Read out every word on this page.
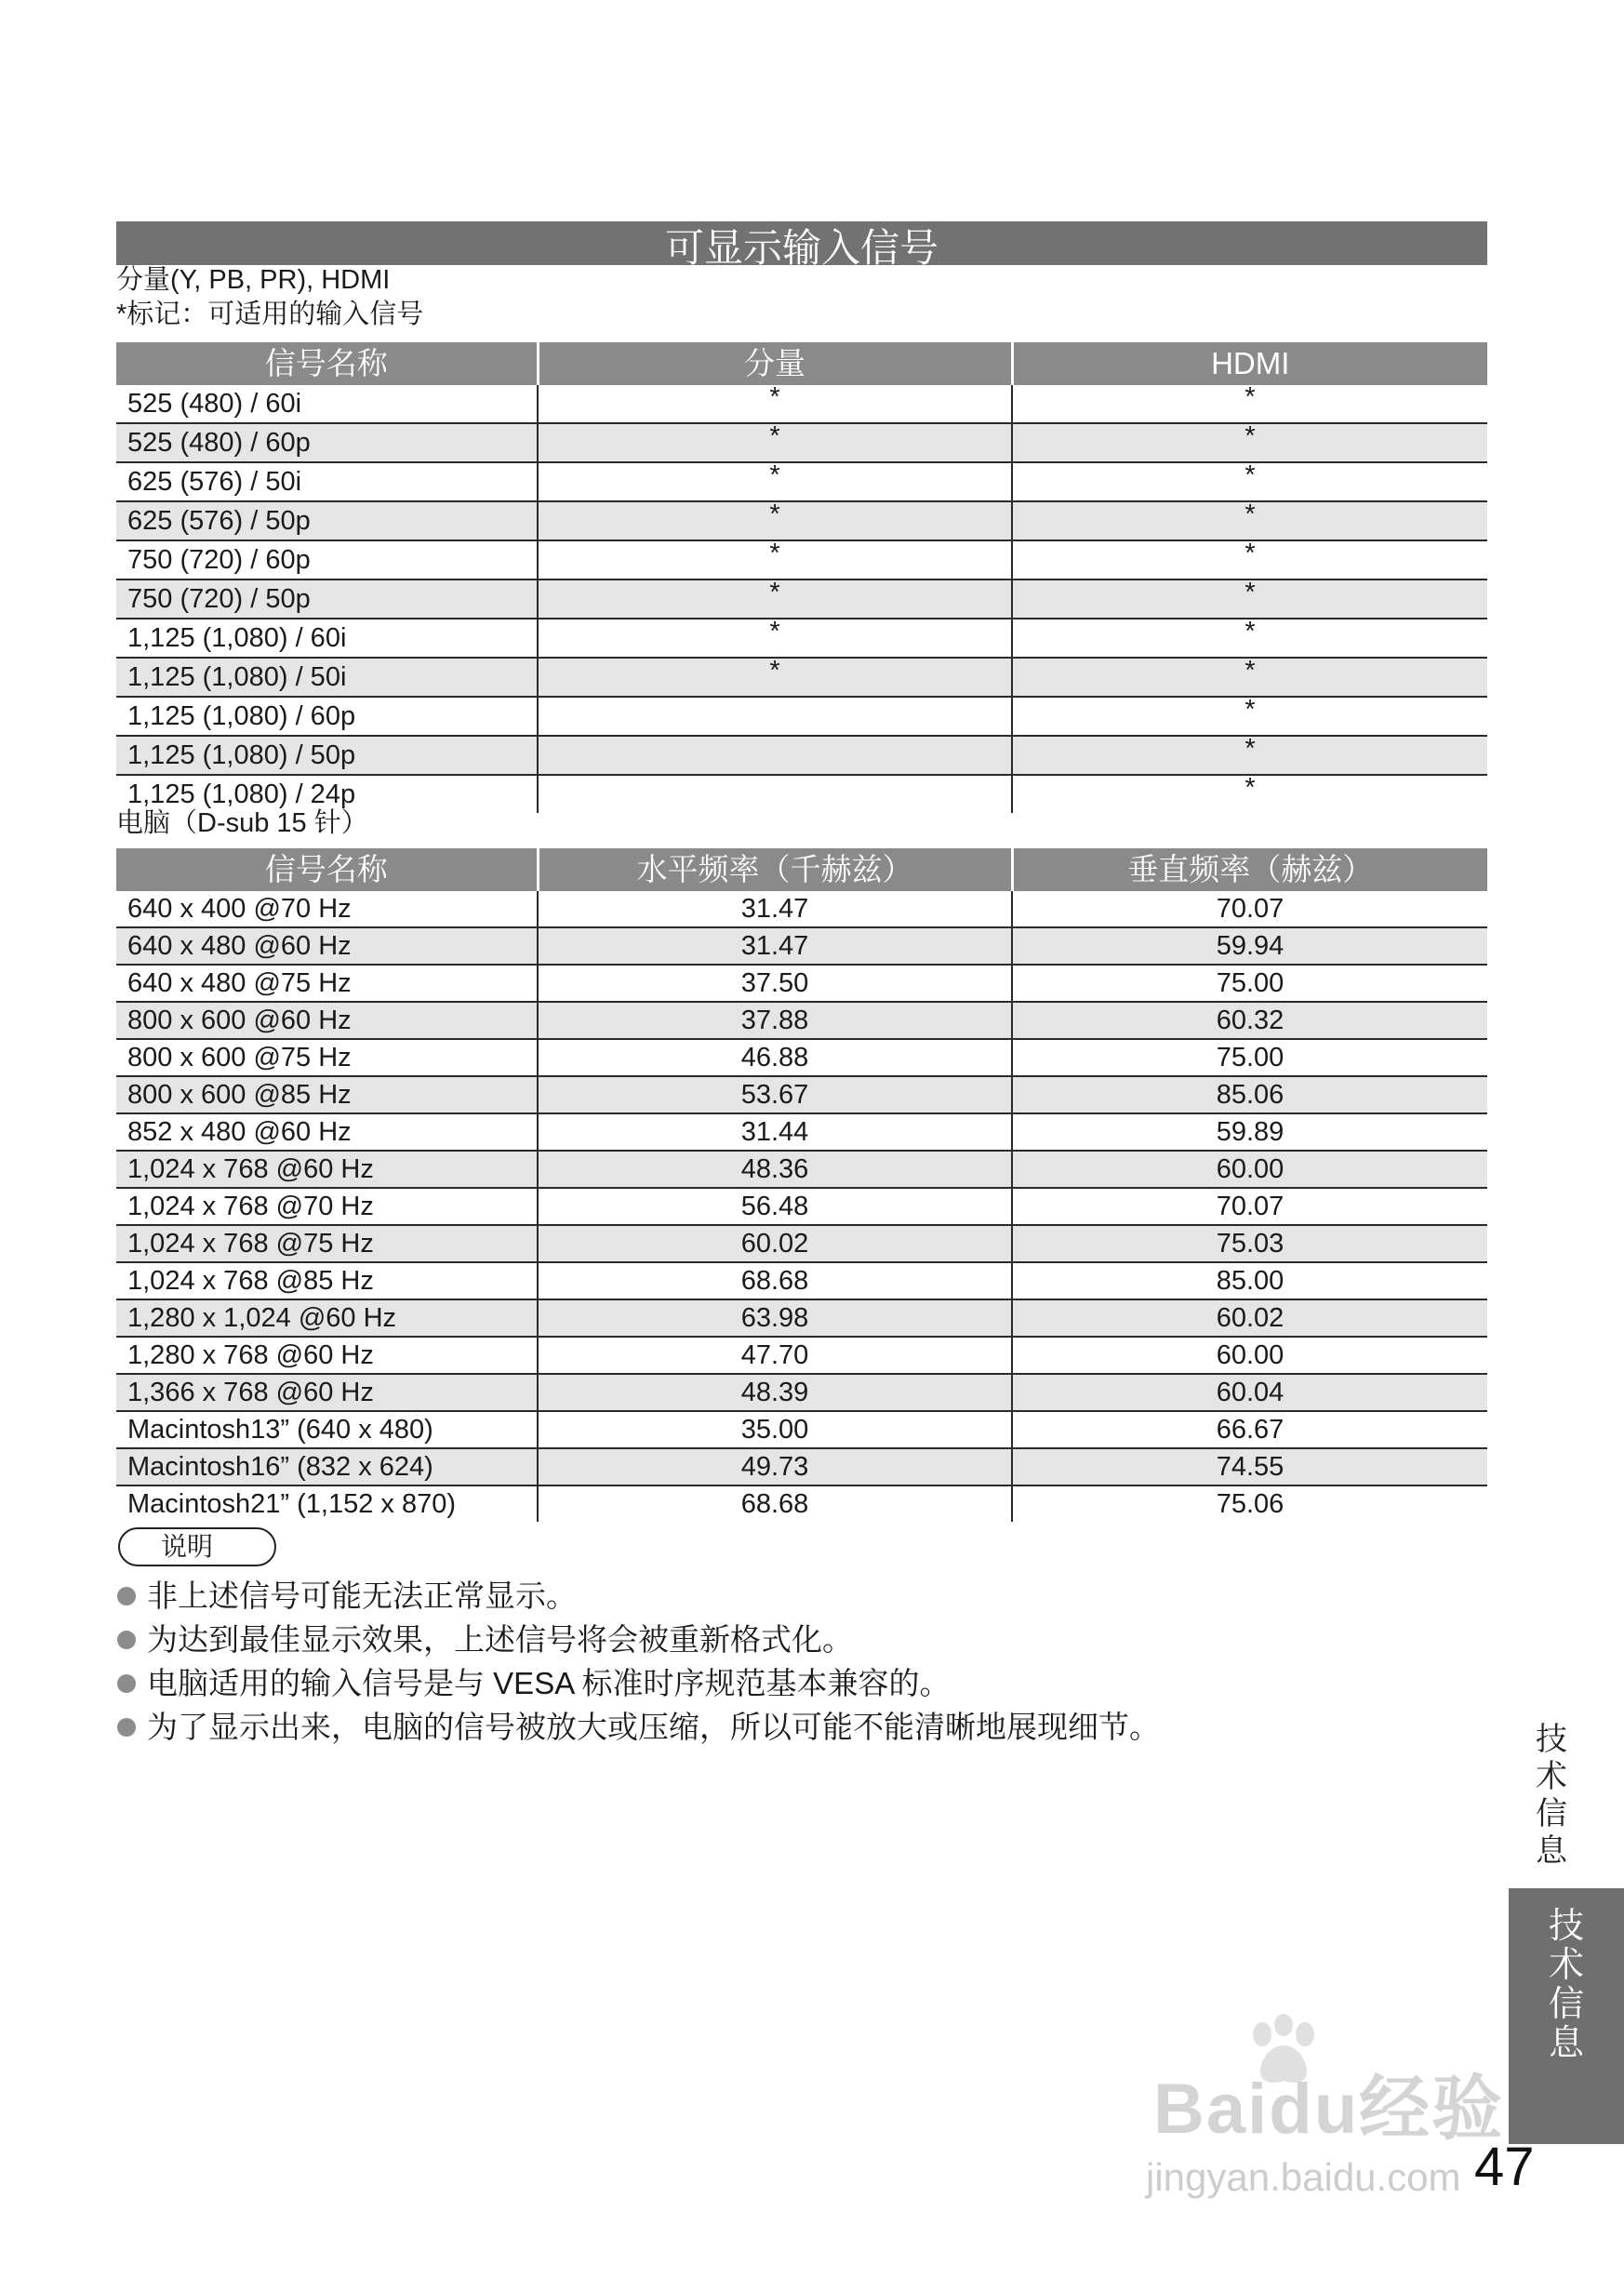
可显示输入信号
分量(Y, PB, PR), HDMI
*标记：可适用的输入信号
信号名称	分量	HDMI
525 (480) / 60i	*	*
525 (480) / 60p	*	*
625 (576) / 50i	*	*
625 (576) / 50p	*	*
750 (720) / 60p	*	*
750 (720) / 50p	*	*
1,125 (1,080) / 60i	*	*
1,125 (1,080) / 50i	*	*
1,125 (1,080) / 60p		*
1,125 (1,080) / 50p		*
1,125 (1,080) / 24p		*
电脑（D-sub 15 针）
信号名称	水平频率（千赫兹）	垂直频率（赫兹）
640 x 400 @70 Hz	31.47	70.07
640 x 480 @60 Hz	31.47	59.94
640 x 480 @75 Hz	37.50	75.00
800 x 600 @60 Hz	37.88	60.32
800 x 600 @75 Hz	46.88	75.00
800 x 600 @85 Hz	53.67	85.06
852 x 480 @60 Hz	31.44	59.89
1,024 x 768 @60 Hz	48.36	60.00
1,024 x 768 @70 Hz	56.48	70.07
1,024 x 768 @75 Hz	60.02	75.03
1,024 x 768 @85 Hz	68.68	85.00
1,280 x 1,024 @60 Hz	63.98	60.02
1,280 x 768 @60 Hz	47.70	60.00
1,366 x 768 @60 Hz	48.39	60.04
Macintosh13” (640 x 480)	35.00	66.67
Macintosh16” (832 x 624)	49.73	74.55
Macintosh21” (1,152 x 870)	68.68	75.06
说明
非上述信号可能无法正常显示。
为达到最佳显示效果，上述信号将会被重新格式化。
电脑适用的输入信号是与 VESA 标准时序规范基本兼容的。
为了显示出来，电脑的信号被放大或压缩，所以可能不能清晰地展现细节。	技术信息
技术信息
Baidu经验
jingyan.baidu.com 47
